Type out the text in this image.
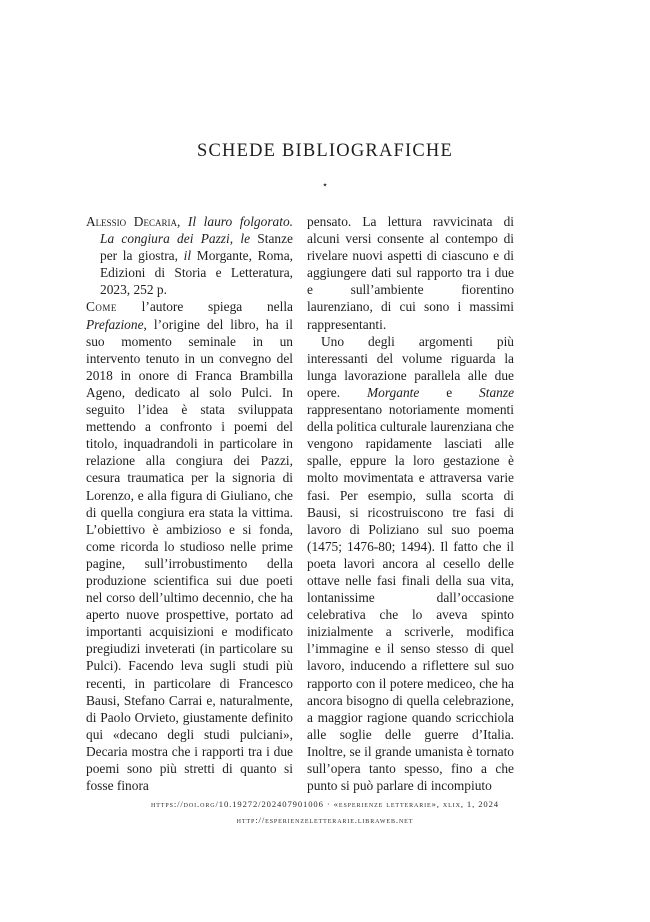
SCHEDE BIBLIOGRAFICHE
⋆

Alessio Decaria, Il lauro folgorato. La congiura dei Pazzi, le Stanze per la giostra, il Morgante, Roma, Edizioni di Storia e Letteratura, 2023, 252 p.

Come l’autore spiega nella Prefazione, l’origine del libro, ha il suo momento seminale in un intervento tenuto in un convegno del 2018 in onore di Franca Brambilla Ageno, dedicato al solo Pulci. In seguito l’idea è stata sviluppata mettendo a confronto i poemi del titolo, inquadrandoli in particolare in relazione alla congiura dei Pazzi, cesura traumatica per la signoria di Lorenzo, e alla figura di Giuliano, che di quella congiura era stata la vittima. L’obiettivo è ambizioso e si fonda, come ricorda lo studioso nelle prime pagine, sull’irrobustimento della produzione scientifica sui due poeti nel corso dell’ultimo decennio, che ha aperto nuove prospettive, portato ad importanti acquisizioni e modificato pregiudizi inveterati (in particolare su Pulci). Facendo leva sugli studi più recenti, in particolare di Francesco Bausi, Stefano Carrai e, naturalmente, di Paolo Orvieto, giustamente definito qui «decano degli studi pulciani», Decaria mostra che i rapporti tra i due poemi sono più stretti di quanto si fosse finora

pensato. La lettura ravvicinata di alcuni versi consente al contempo di rivelare nuovi aspetti di ciascuno e di aggiungere dati sul rapporto tra i due e sull’ambiente fiorentino laurenziano, di cui sono i massimi rappresentanti.

Uno degli argomenti più interessanti del volume riguarda la lunga lavorazione parallela alle due opere. Morgante e Stanze rappresentano notoriamente momenti della politica culturale laurenziana che vengono rapidamente lasciati alle spalle, eppure la loro gestazione è molto movimentata e attraversa varie fasi. Per esempio, sulla scorta di Bausi, si ricostruiscono tre fasi di lavoro di Poliziano sul suo poema (1475; 1476-80; 1494). Il fatto che il poeta lavori ancora al cesello delle ottave nelle fasi finali della sua vita, lontanissime dall’occasione celebrativa che lo aveva spinto inizialmente a scriverle, modifica l’immagine e il senso stesso di quel lavoro, inducendo a riflettere sul suo rapporto con il potere mediceo, che ha ancora bisogno di quella celebrazione, a maggior ragione quando scricchiola alle soglie delle guerre d’Italia. Inoltre, se il grande umanista è tornato sull’opera tanto spesso, fino a che punto si può parlare di incompiuto

https://doi.org/10.19272/202407901006 · «esperienze letterarie», xlix, 1, 2024
http://esperienzeletterarie.libraweb.net
